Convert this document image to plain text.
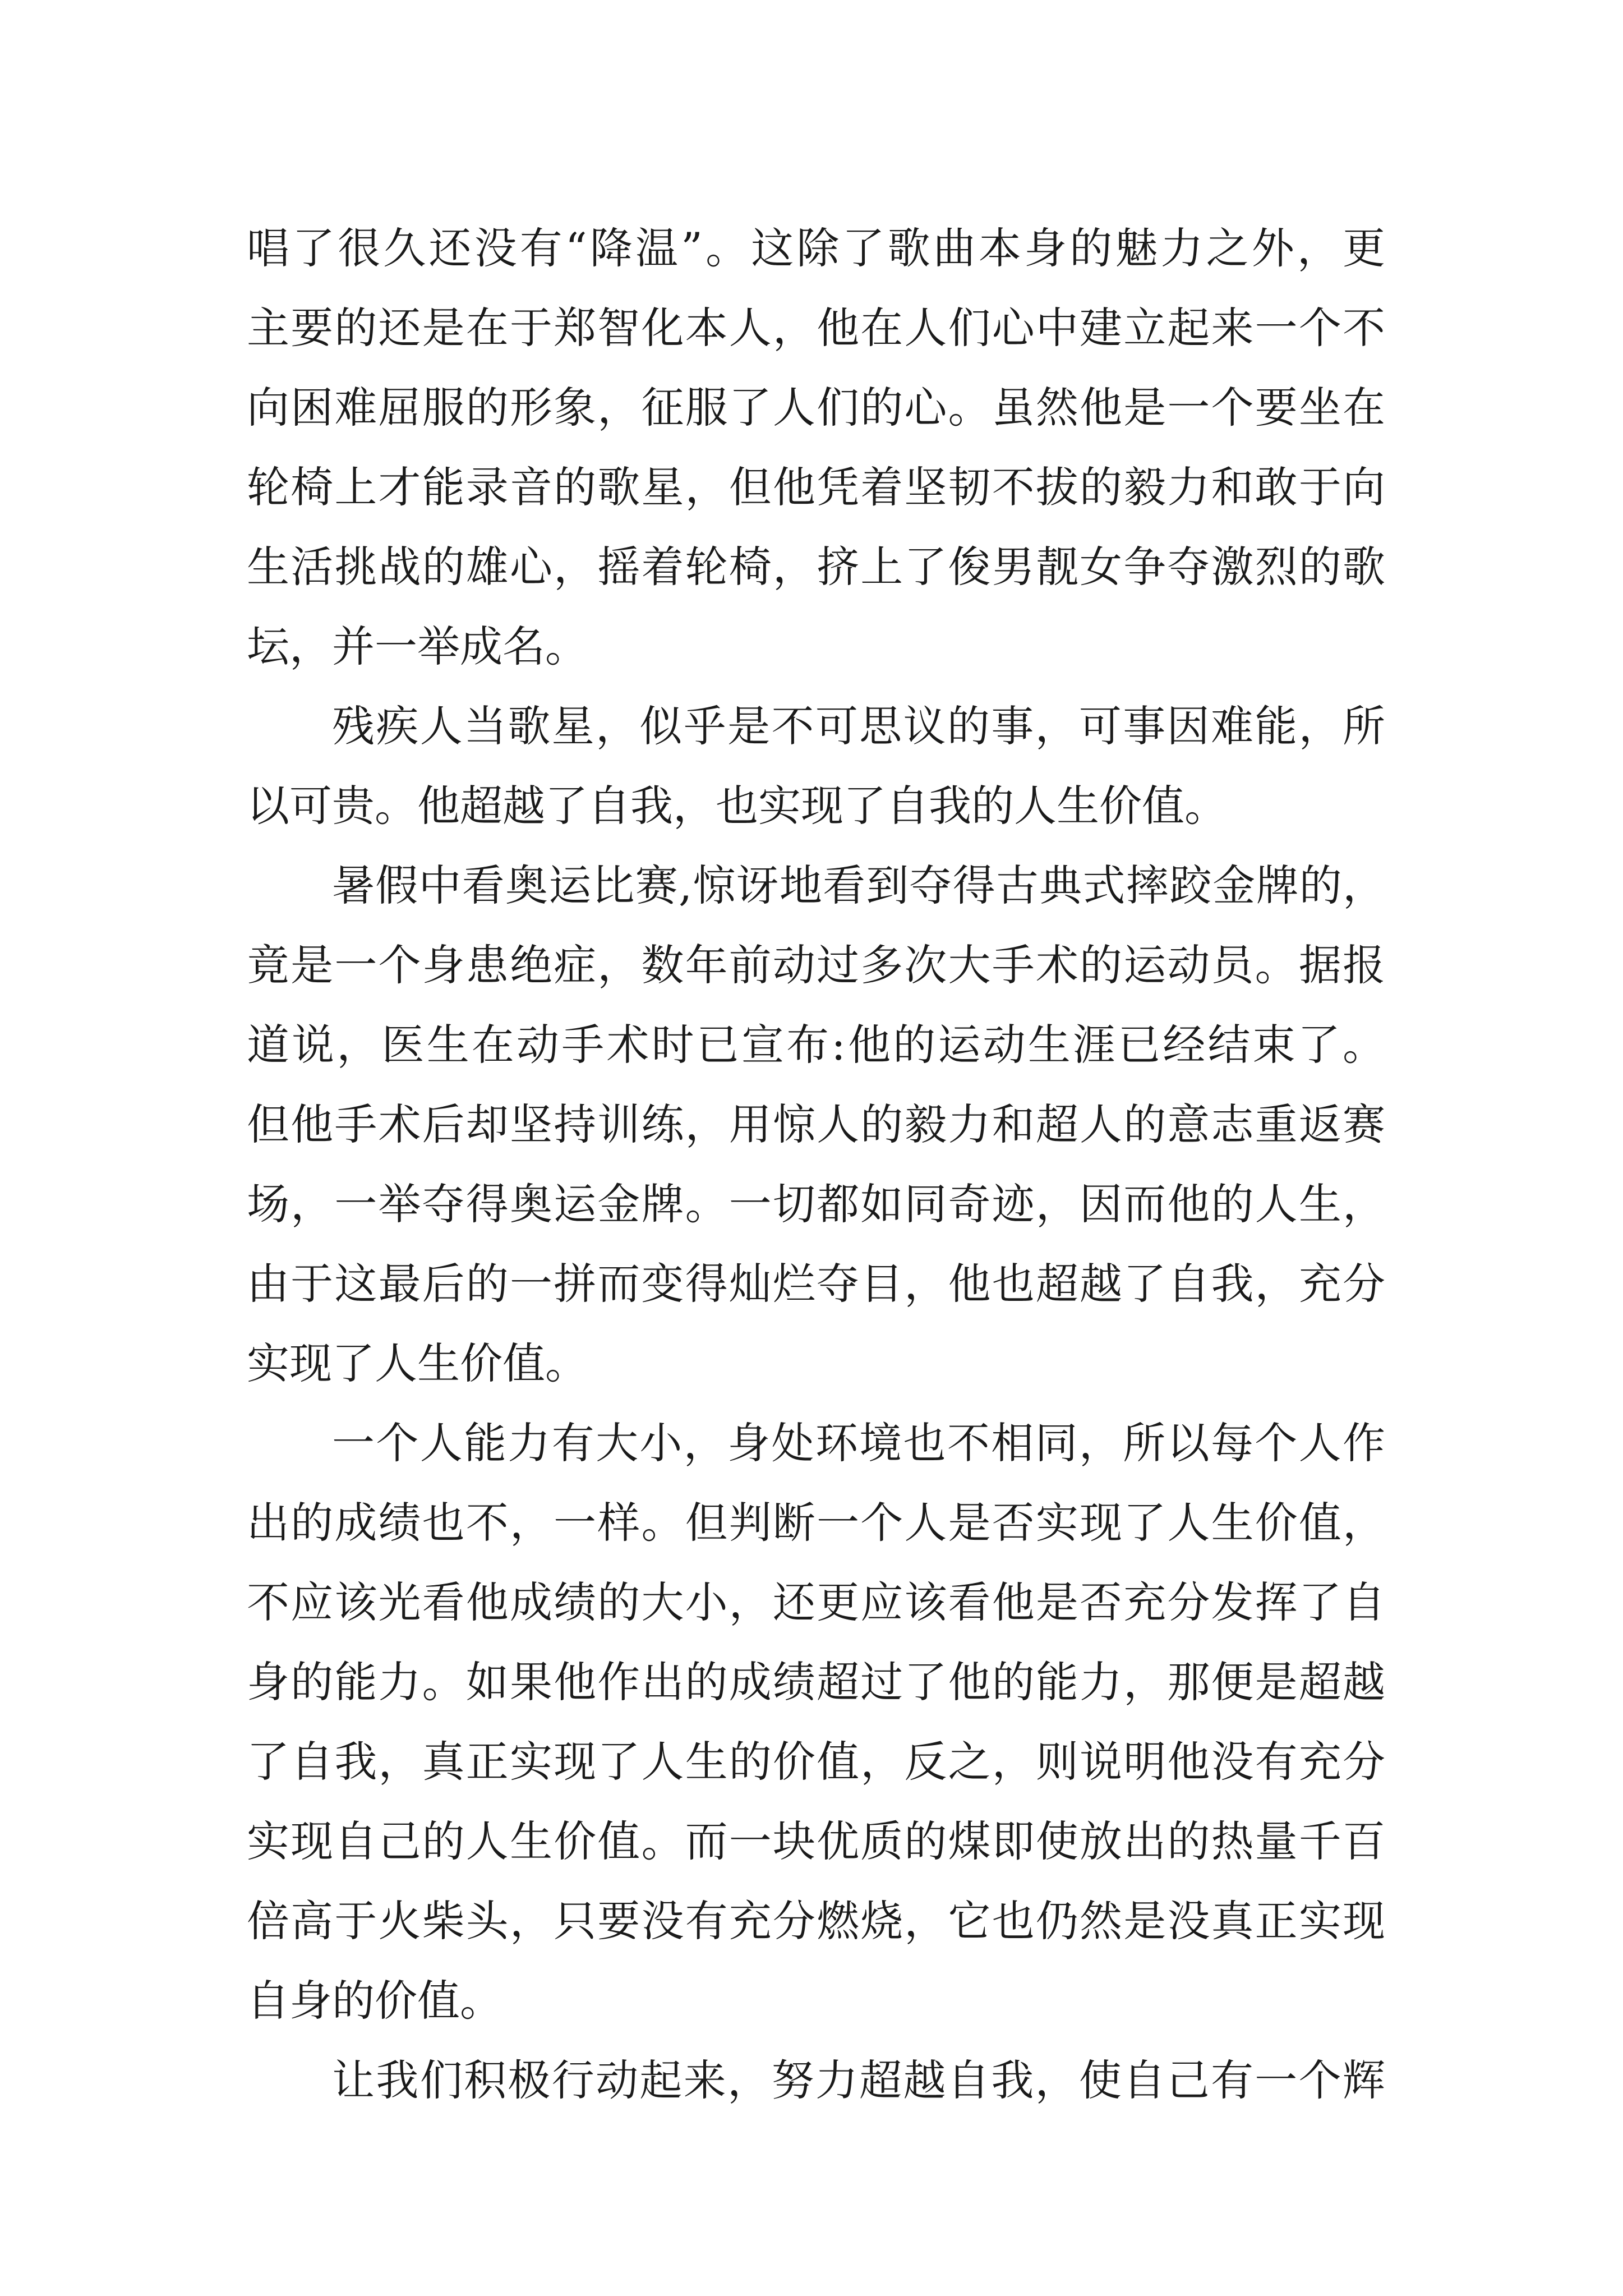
唱了很久还没有“降温”。这除了歌曲本身的魅力之外，更
主要的还是在于郑智化本人，他在人们心中建立起来一个不
向困难屈服的形象，征服了人们的心。虽然他是一个要坐在
轮椅上才能录音的歌星，但他凭着坚韧不拔的毅力和敢于向
生活挑战的雄心，摇着轮椅，挤上了俊男靓女争夺激烈的歌
坛，并一举成名。
残疾人当歌星，似乎是不可思议的事，可事因难能，所
以可贵。他超越了自我，也实现了自我的人生价值。
暑假中看奥运比赛,惊讶地看到夺得古典式摔跤金牌的，
竟是一个身患绝症，数年前动过多次大手术的运动员。据报
道说，医生在动手术时已宣布:他的运动生涯已经结束了。
但他手术后却坚持训练，用惊人的毅力和超人的意志重返赛
场，一举夺得奥运金牌。一切都如同奇迹，因而他的人生，
由于这最后的一拼而变得灿烂夺目，他也超越了自我，充分
实现了人生价值。
一个人能力有大小，身处环境也不相同，所以每个人作
出的成绩也不，一样。但判断一个人是否实现了人生价值，
不应该光看他成绩的大小，还更应该看他是否充分发挥了自
身的能力。如果他作出的成绩超过了他的能力，那便是超越
了自我，真正实现了人生的价值，反之，则说明他没有充分
实现自己的人生价值。而一块优质的煤即使放出的热量千百
倍高于火柴头，只要没有充分燃烧，它也仍然是没真正实现
自身的价值。
让我们积极行动起来，努力超越自我，使自己有一个辉
